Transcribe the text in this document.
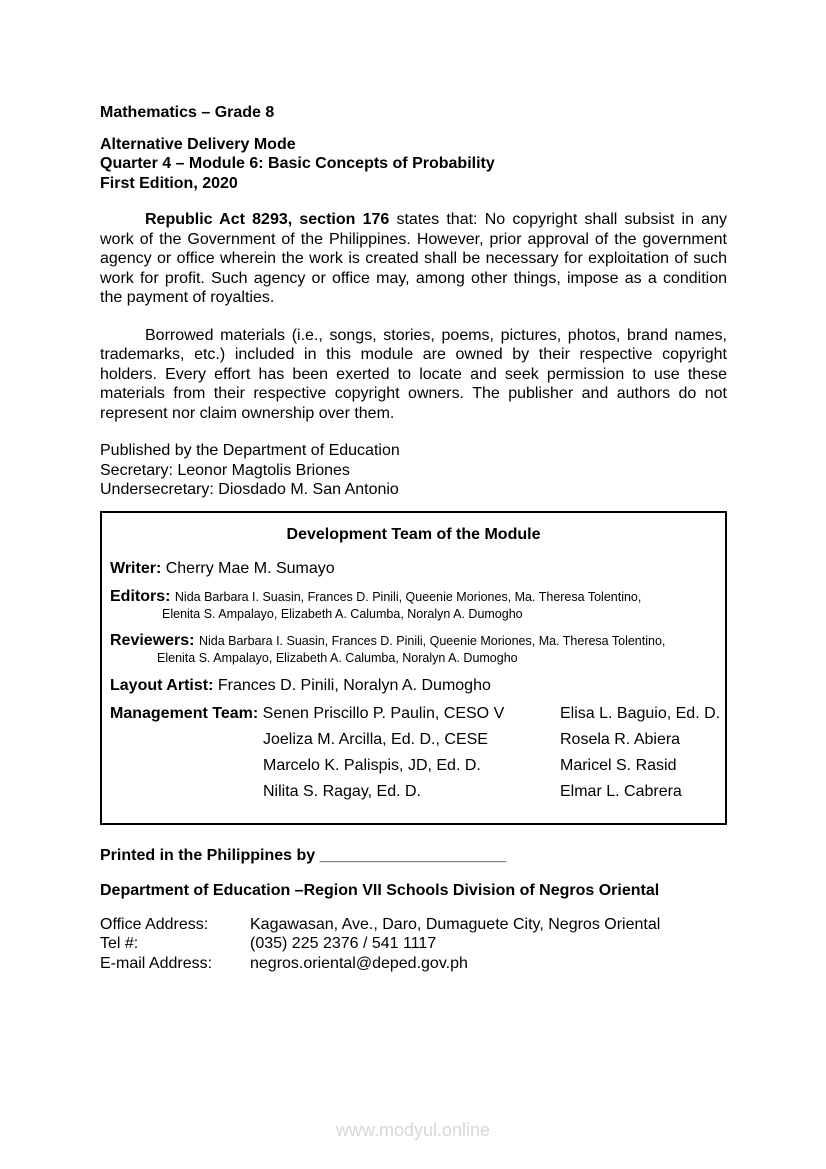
Mathematics – Grade 8
Alternative Delivery Mode
Quarter 4 – Module 6: Basic Concepts of Probability
First Edition, 2020

Republic Act 8293, section 176 states that: No copyright shall subsist in any work of the Government of the Philippines. However, prior approval of the government agency or office wherein the work is created shall be necessary for exploitation of such work for profit. Such agency or office may, among other things, impose as a condition the payment of royalties.

Borrowed materials (i.e., songs, stories, poems, pictures, photos, brand names, trademarks, etc.) included in this module are owned by their respective copyright holders. Every effort has been exerted to locate and seek permission to use these materials from their respective copyright owners. The publisher and authors do not represent nor claim ownership over them.

Published by the Department of Education
Secretary: Leonor Magtolis Briones
Undersecretary: Diosdado M. San Antonio
Development Team of the Module
Writer: Cherry Mae M. Sumayo
Editors: Nida Barbara I. Suasin, Frances D. Pinili, Queenie Moriones, Ma. Theresa Tolentino,
Elenita S. Ampalayo, Elizabeth A. Calumba, Noralyn A. Dumogho
Reviewers: Nida Barbara I. Suasin, Frances D. Pinili, Queenie Moriones, Ma. Theresa Tolentino,
Elenita S. Ampalayo, Elizabeth A. Calumba, Noralyn A. Dumogho
Layout Artist: Frances D. Pinili, Noralyn A. Dumogho
Management Team: Senen Priscillo P. Paulin, CESO V	Elisa L. Baguio, Ed. D.
Joeliza M. Arcilla, Ed. D., CESE	Rosela R. Abiera
Marcelo K. Palispis, JD, Ed. D.	Maricel S. Rasid
Nilita S. Ragay, Ed. D.	Elmar L. Cabrera
Printed in the Philippines by _____________________
Department of Education –Region VII Schools Division of Negros Oriental
Office Address:	Kagawasan, Ave., Daro, Dumaguete City, Negros Oriental
Tel #:	(035) 225 2376 / 541 1117
E-mail Address:	negros.oriental@deped.gov.ph
www.modyul.online
